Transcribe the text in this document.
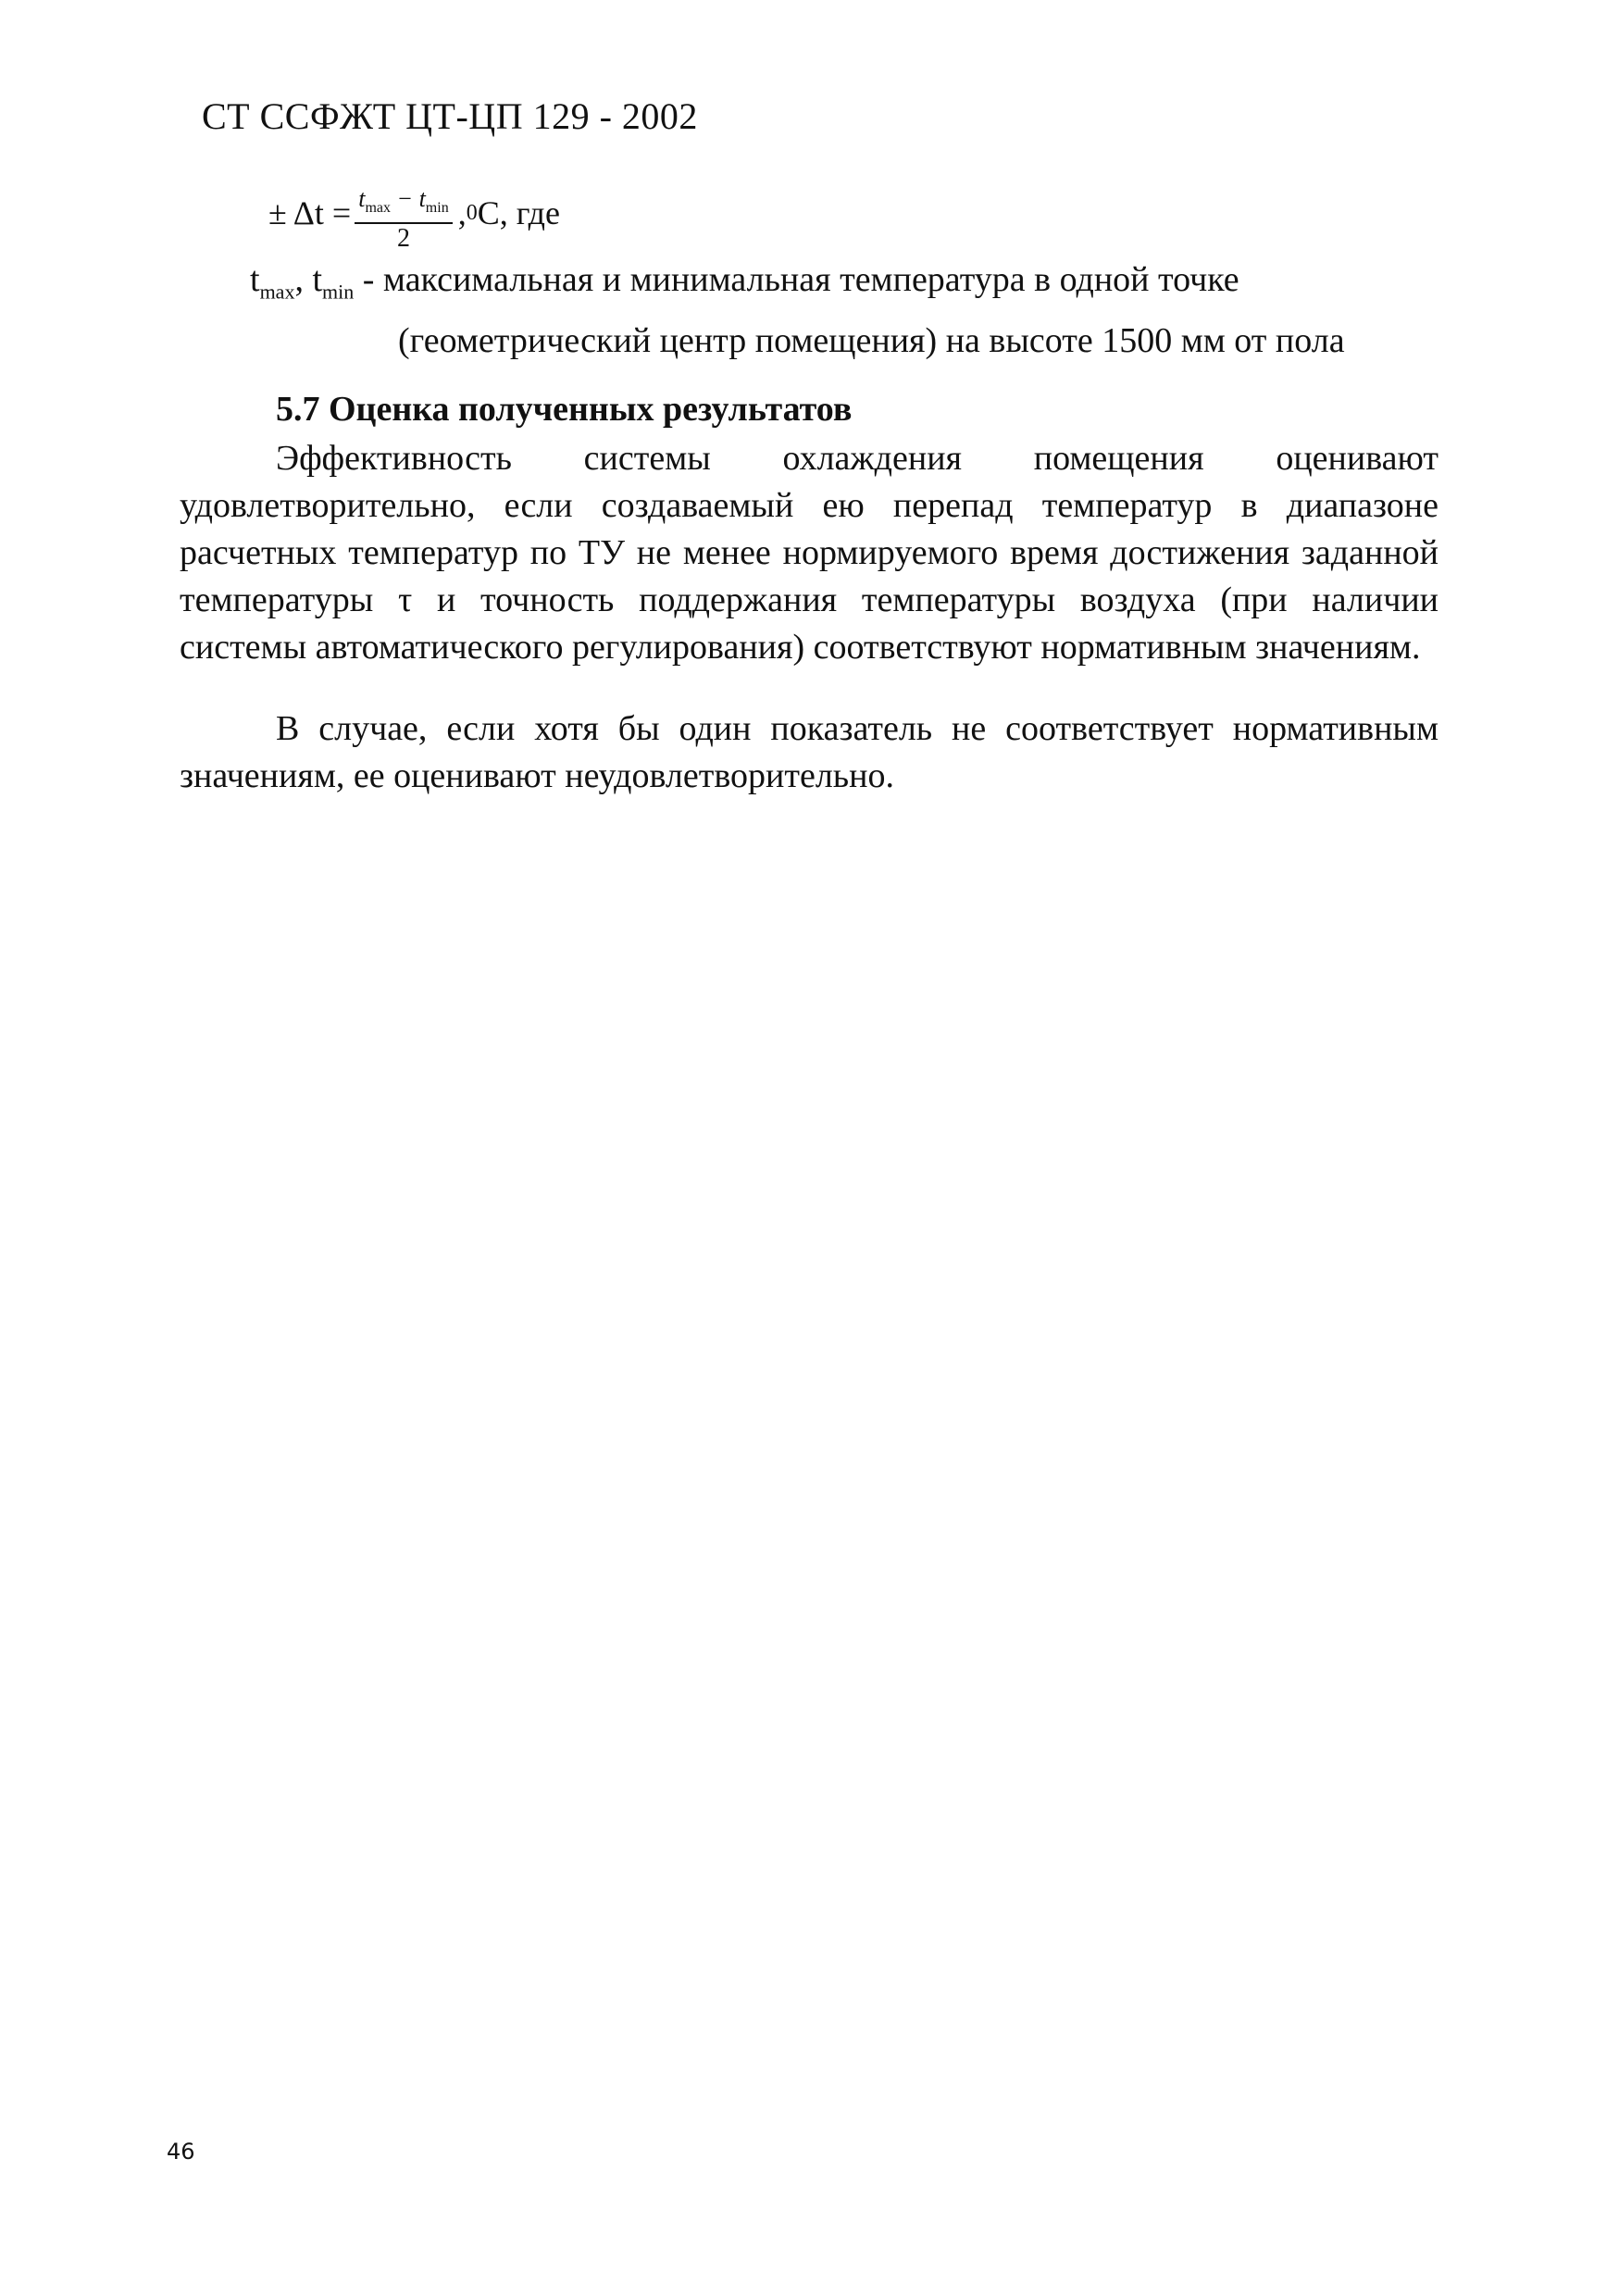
СТ ССФЖТ ЦТ-ЦП 129 - 2002
± $\Delta t = \frac{t_{max} - t_{min}}{2}$ , 0 С, где
$t_{max}$, $t_{min}$ - максимальная и минимальная температура в одной точке
(геометрический центр помещения) на высоте 1500 мм от пола
5.7 Оценка полученных результатов
Эффективность системы охлаждения помещения оценивают удовлетворительно, если создаваемый ею перепад температур в диапазоне расчетных температур по ТУ не менее нормируемого время достижения заданной температуры τ и точность поддержания температуры воздуха (при наличии системы автоматического регулирования) соответствуют нормативным значениям.
В случае, если хотя бы один показатель не соответствует нормативным значениям, ее оценивают неудовлетворительно.
46
